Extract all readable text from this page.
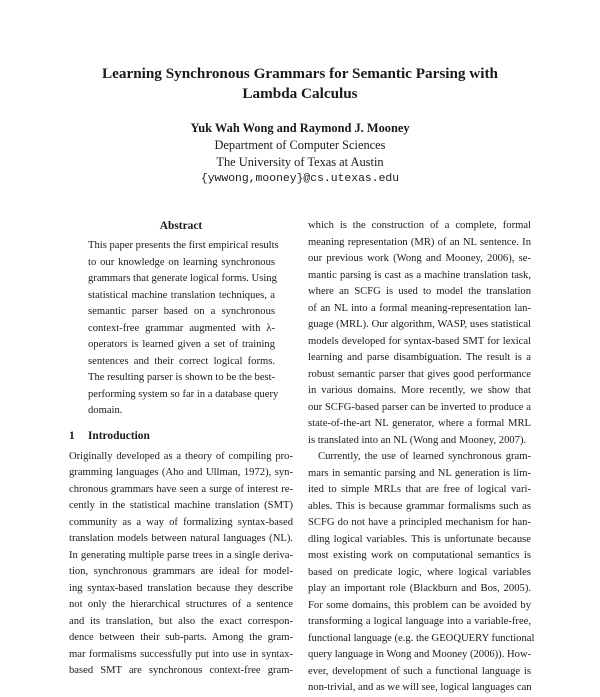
Learning Synchronous Grammars for Semantic Parsing with
Lambda Calculus
Yuk Wah Wong and Raymond J. Mooney
Department of Computer Sciences
The University of Texas at Austin
{ywwong,mooney}@cs.utexas.edu
Abstract
This paper presents the first empirical results
to our knowledge on learning synchronous
grammars that generate logical forms. Using
statistical machine translation techniques, a
semantic parser based on a synchronous
context-free grammar augmented with λ-
operators is learned given a set of training
sentences and their correct logical forms.
The resulting parser is shown to be the best-
performing system so far in a database query
domain.
1 Introduction
Originally developed as a theory of compiling pro-
gramming languages (Aho and Ullman, 1972), syn-
chronous grammars have seen a surge of interest re-
cently in the statistical machine translation (SMT)
community as a way of formalizing syntax-based
translation models between natural languages (NL).
In generating multiple parse trees in a single deriva-
tion, synchronous grammars are ideal for model-
ing syntax-based translation because they describe
not only the hierarchical structures of a sentence
and its translation, but also the exact correspon-
dence between their sub-parts. Among the gram-
mar formalisms successfully put into use in syntax-
based SMT are synchronous context-free gram-
which is the construction of a complete, formal
meaning representation (MR) of an NL sentence. In
our previous work (Wong and Mooney, 2006), se-
mantic parsing is cast as a machine translation task,
where an SCFG is used to model the translation
of an NL into a formal meaning-representation lan-
guage (MRL). Our algorithm, WASP, uses statistical
models developed for syntax-based SMT for lexical
learning and parse disambiguation. The result is a
robust semantic parser that gives good performance
in various domains. More recently, we show that
our SCFG-based parser can be inverted to produce a
state-of-the-art NL generator, where a formal MRL
is translated into an NL (Wong and Mooney, 2007).
Currently, the use of learned synchronous gram-
mars in semantic parsing and NL generation is lim-
ited to simple MRLs that are free of logical vari-
ables. This is because grammar formalisms such as
SCFG do not have a principled mechanism for han-
dling logical variables. This is unfortunate because
most existing work on computational semantics is
based on predicate logic, where logical variables
play an important role (Blackburn and Bos, 2005).
For some domains, this problem can be avoided by
transforming a logical language into a variable-free,
functional language (e.g. the GEOQUERY functional
query language in Wong and Mooney (2006)). How-
ever, development of such a functional language is
non-trivial, and as we will see, logical languages can
